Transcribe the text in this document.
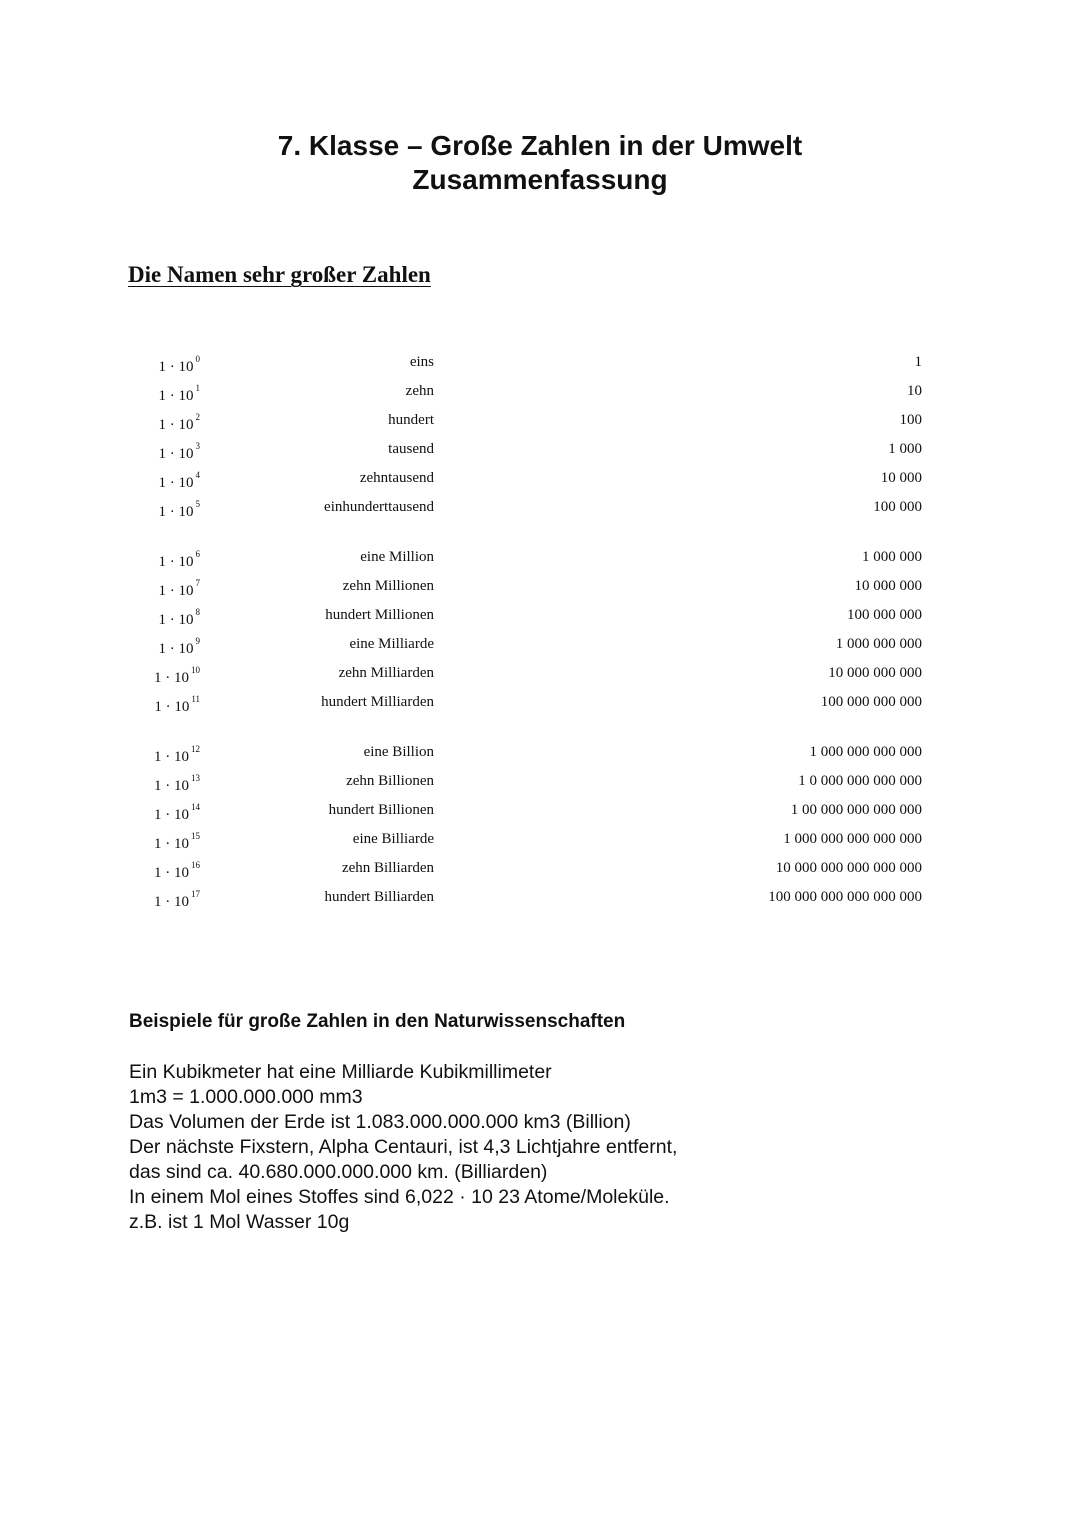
7. Klasse – Große Zahlen in der Umwelt
Zusammenfassung
Die Namen sehr großer Zahlen
1 · 10 $^0$	eins	1
1 · 10 $^1$	zehn	10
1 · 10 $^2$	hundert	100
1 · 10 $^3$	tausend	1 000
1 · 10 $^4$	zehntausend	10 000
1 · 10 $^5$	einhunderttausend	100 000
1 · 10 $^6$	eine Million	1 000 000
1 · 10 $^7$	zehn Millionen	10 000 000
1 · 10 $^8$	hundert Millionen	100 000 000
1 · 10 $^9$	eine Milliarde	1 000 000 000
1 · 10 $^{10}$	zehn Milliarden	10 000 000 000
1 · 10 $^{11}$	hundert Milliarden	100 000 000 000
1 · 10 $^{12}$	eine Billion	1 000 000 000 000
1 · 10 $^{13}$	zehn Billionen	1 0 000 000 000 000
1 · 10 $^{14}$	hundert Billionen	1 00 000 000 000 000
1 · 10 $^{15}$	eine Billiarde	1 000 000 000 000 000
1 · 10 $^{16}$	zehn Billiarden	10 000 000 000 000 000
1 · 10 $^{17}$	hundert Billiarden	100 000 000 000 000 000
Beispiele für große Zahlen in den Naturwissenschaften
Ein Kubikmeter hat eine Milliarde Kubikmillimeter
1m3 = 1.000.000.000 mm3
Das Volumen der Erde ist 1.083.000.000.000 km3 (Billion)
Der nächste Fixstern, Alpha Centauri, ist 4,3 Lichtjahre entfernt,
das sind ca. 40.680.000.000.000 km. (Billiarden)
In einem Mol eines Stoffes sind 6,022 · 10 23 Atome/Moleküle.
z.B. ist 1 Mol Wasser 10g
